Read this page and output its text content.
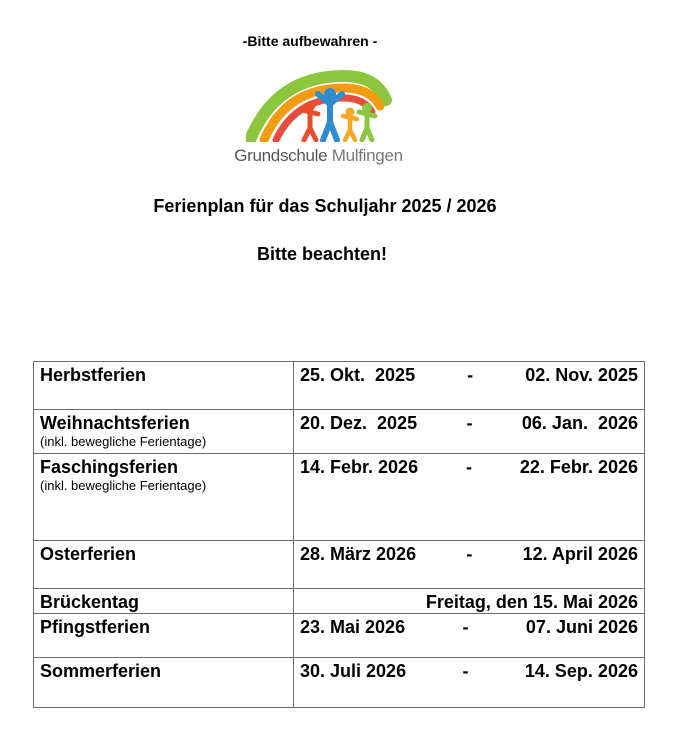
-Bitte aufbewahren -
Grundschule Mulfingen
Ferienplan für das Schuljahr 2025 / 2026
Bitte beachten!
Herbstferien	25. Okt.  2025 - 02. Nov. 2025

Weihnachtsferien
(inkl. bewegliche Ferientage)	20. Dez.  2025 - 06. Jan.  2026

Faschingsferien
(inkl. bewegliche Ferientage)	14. Febr. 2026 - 22. Febr. 2026

Osterferien	28. März 2026 - 12. April 2026

Brückentag	Freitag, den 15. Mai 2026

Pfingstferien	23. Mai 2026 - 07. Juni 2026

Sommerferien	30. Juli 2026 - 14. Sep. 2026
